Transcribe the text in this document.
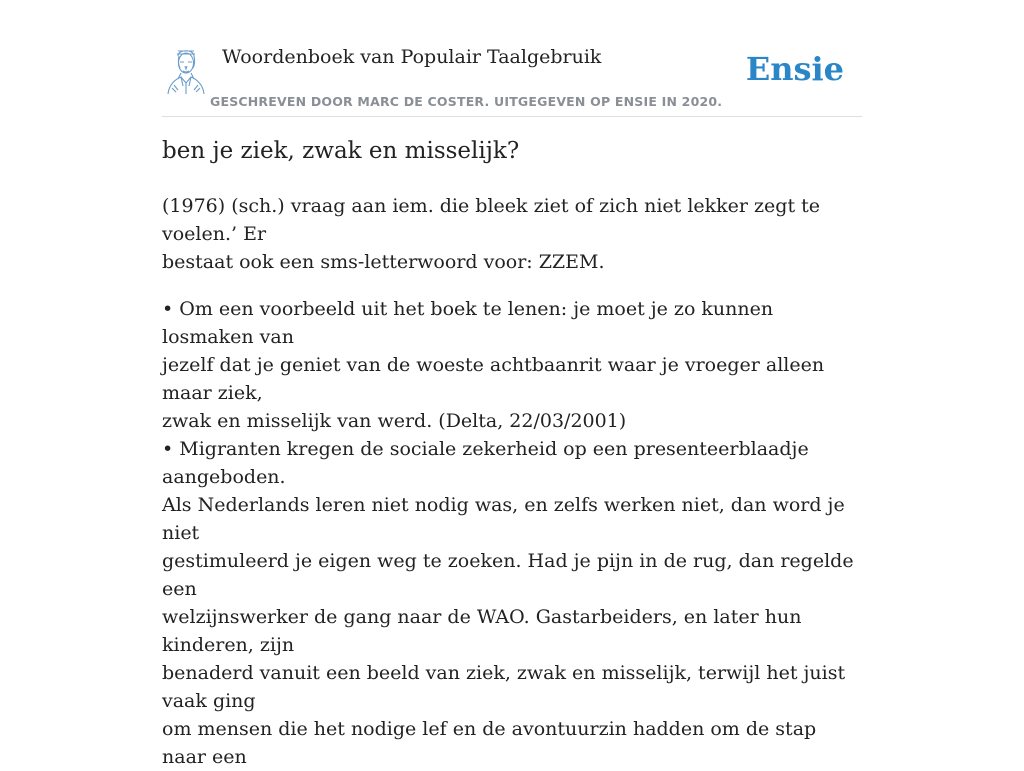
Woordenboek van Populair Taalgebruik
GESCHREVEN DOOR MARC DE COSTER. UITGEGEVEN OP ENSIE IN 2020.
Ensie
ben je ziek, zwak en misselijk?

(1976) (sch.) vraag aan iem. die bleek ziet of zich niet lekker zegt te voelen.’ Er
bestaat ook een sms-letterwoord voor: ZZEM.

• Om een voorbeeld uit het boek te lenen: je moet je zo kunnen losmaken van
jezelf dat je geniet van de woeste achtbaanrit waar je vroeger alleen maar ziek,
zwak en misselijk van werd. (Delta, 22/03/2001)
• Migranten kregen de sociale zekerheid op een presenteerblaadje aangeboden.
Als Nederlands leren niet nodig was, en zelfs werken niet, dan word je niet
gestimuleerd je eigen weg te zoeken. Had je pijn in de rug, dan regelde een
welzijnswerker de gang naar de WAO. Gastarbeiders, en later hun kinderen, zijn
benaderd vanuit een beeld van ziek, zwak en misselijk, terwijl het juist vaak ging
om mensen die het nodige lef en de avontuurzin hadden om de stap naar een
